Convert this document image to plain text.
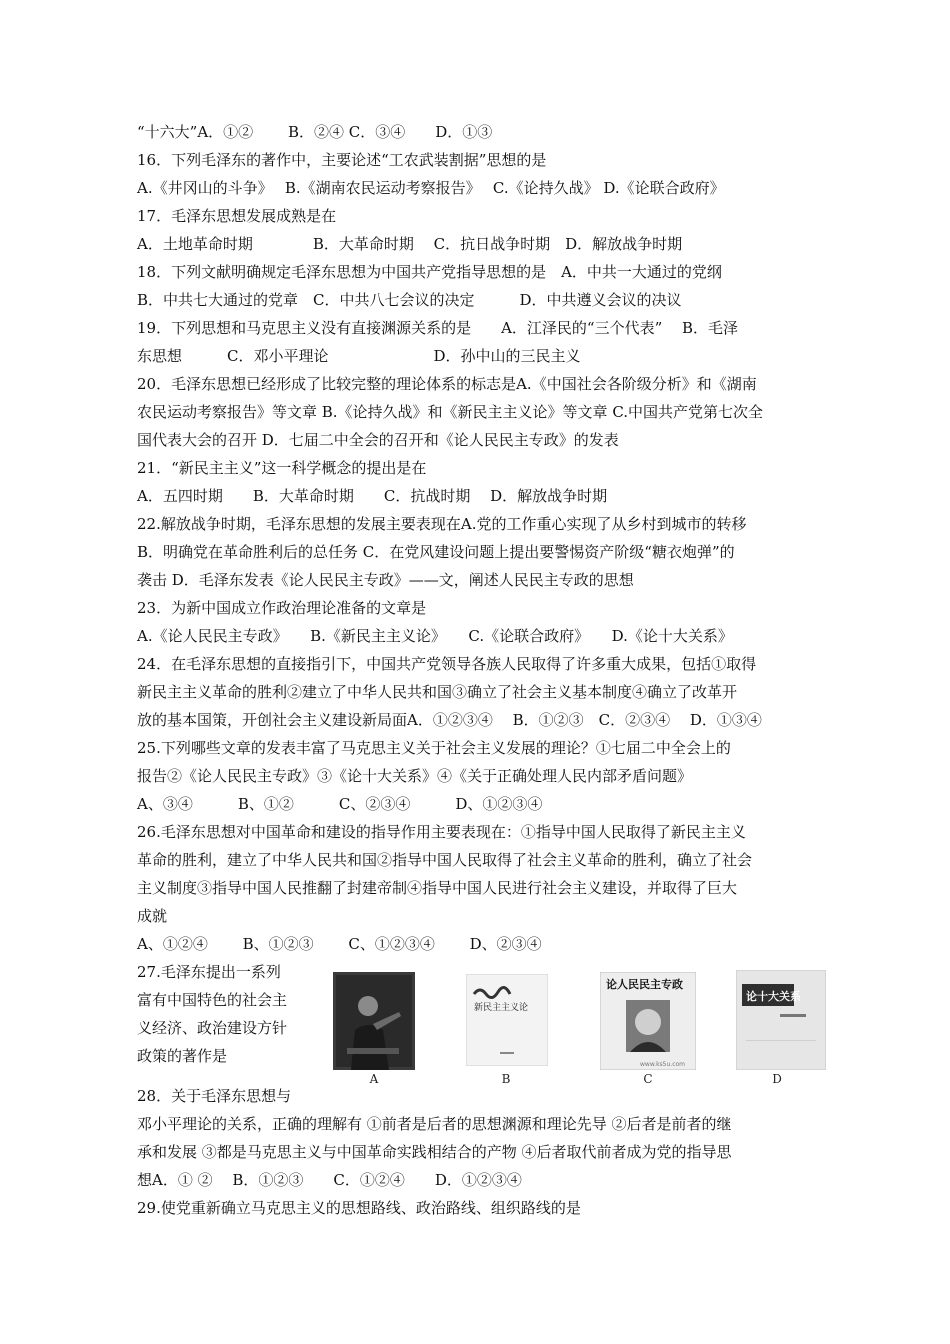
“十六大”A．①②　　 B．②④ C．③④　　D．①③
16．下列毛泽东的著作中，主要论述“工农武装割据”思想的是
A.《井冈山的斗争》　 B.《湖南农民运动考察报告》　 C.《论持久战》 D.《论联合政府》
17．毛泽东思想发展成熟是在
A．土地革命时期　　　　B．大革命时期　 C．抗日战争时期　D．解放战争时期
18．下列文献明确规定毛泽东思想为中国共产党指导思想的是　A．中共一大通过的党纲
B．中共七大通过的党章　C．中共八七会议的决定　　　D．中共遵义会议的决议
19．下列思想和马克思主义没有直接渊源关系的是　　A．江泽民的“三个代表”　 B．毛泽
东思想　　　C．邓小平理论　　　　　　　D．孙中山的三民主义
20．毛泽东思想已经形成了比较完整的理论体系的标志是A.《中国社会各阶级分析》和《湖南
农民运动考察报告》等文章 B.《论持久战》和《新民主主义论》等文章 C.中国共产党第七次全
国代表大会的召开 D．七届二中全会的召开和《论人民民主专政》的发表
21．“新民主主义”这一科学概念的提出是在
A．五四时期　　B．大革命时期　　C．抗战时期　 D．解放战争时期
22.解放战争时期，毛泽东思想的发展主要表现在A.党的工作重心实现了从乡村到城市的转移
B．明确党在革命胜利后的总任务 C．在党风建设问题上提出要警惕资产阶级“糖衣炮弹”的
袭击 D．毛泽东发表《论人民民主专政》——文，阐述人民民主专政的思想
23．为新中国成立作政治理论准备的文章是
A.《论人民民主专政》　　B.《新民主主义论》　　C.《论联合政府》　　D.《论十大关系》
24．在毛泽东思想的直接指引下，中国共产党领导各族人民取得了许多重大成果，包括①取得
新民主主义革命的胜利②建立了中华人民共和国③确立了社会主义基本制度④确立了改革开
放的基本国策，开创社会主义建设新局面A．①②③④　 B．①②③　C．②③④　 D．①③④
25.下列哪些文章的发表丰富了马克思主义关于社会主义发展的理论？①七届二中全会上的
报告②《论人民民主专政》③《论十大关系》④《关于正确处理人民内部矛盾问题》
A、③④　　　B、①②　　　C、②③④　　　D、①②③④
26.毛泽东思想对中国革命和建设的指导作用主要表现在：①指导中国人民取得了新民主主义
革命的胜利，建立了中华人民共和国②指导中国人民取得了社会主义革命的胜利，确立了社会
主义制度③指导中国人民推翻了封建帝制④指导中国人民进行社会主义建设，并取得了巨大
成就
A、①②④　　 B、①②③　　 C、①②③④　　 D、②③④
27.毛泽东提出一系列
富有中国特色的社会主
义经济、政治建设方针
政策的著作是
28．关于毛泽东思想与
邓小平理论的关系，正确的理解有 ①前者是后者的思想渊源和理论先导 ②后者是前者的继
承和发展 ③都是马克思主义与中国革命实践相结合的产物 ④后者取代前者成为党的指导思
想A．① ②　 B．①②③　　C．①②④　　D．①②③④
29.使党重新确立马克思主义的思想路线、政治路线、组织路线的是
A
新民主主义论
B
论人民民主专政
www.ks5u.com
C
论十大关系
D
